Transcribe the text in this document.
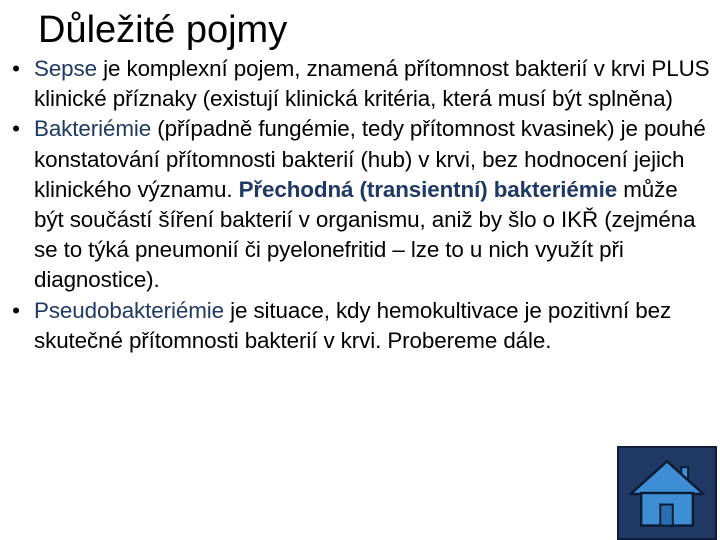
Důležité pojmy
• Sepse je komplexní pojem, znamená přítomnost bakterií v krvi PLUS klinické příznaky (existují klinická kritéria, která musí být splněna)
• Bakteriémie (případně fungémie, tedy přítomnost kvasinek) je pouhé konstatování přítomnosti bakterií (hub) v krvi, bez hodnocení jejich klinického významu. Přechodná (transientní) bakteriémie může být součástí šíření bakterií v organismu, aniž by šlo o IKŘ (zejména se to týká pneumonií či pyelonefritid – lze to u nich využít při diagnostice).
• Pseudobakteriémie je situace, kdy hemokultivace je pozitivní bez skutečné přítomnosti bakterií v krvi. Probereme dále.
